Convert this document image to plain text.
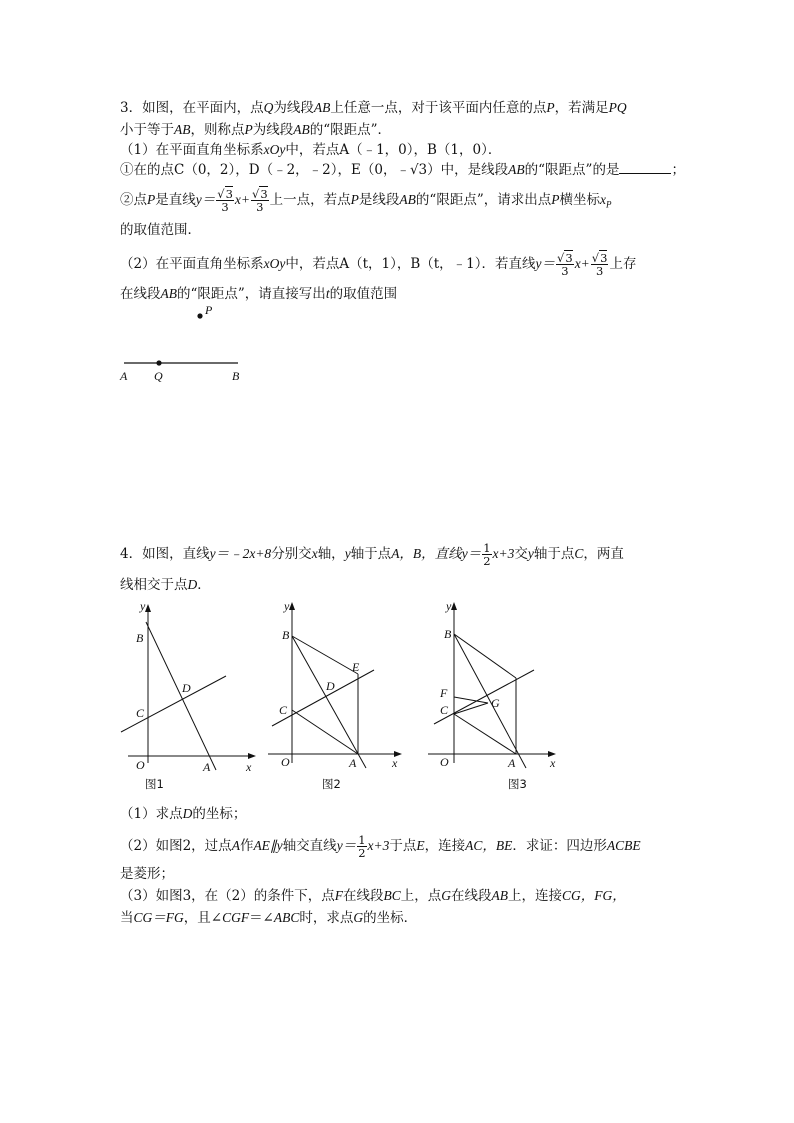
3．如图，在平面内，点Q为线段AB上任意一点，对于该平面内任意的点P，若满足PQ
小于等于AB，则称点P为线段AB的“限距点”．
（1）在平面直角坐标系xOy中，若点A（﹣1，0），B（1，0）．
①在的点C（0，2），D（﹣2，﹣2），E（0，﹣√3）中，是线段AB的“限距点”的是	；
②点P是直线$y= \frac{√3}{3} x+ \frac{√3}{3}$ 上一点，若点P是线段AB的“限距点”，请求出点P横坐标$x_P$
的取值范围．
（2）在平面直角坐标系xOy中，若点A（t，1），B（t，﹣1）．若直线$y= \frac{√3}{3} x+ \frac{√3}{3}$ 上存
在线段AB的“限距点”，请直接写出t的取值范围
P
A Q	B
4．如图，直线y＝﹣2x+8分别交x轴，y轴于点A，B，直线$y= \frac{1}{2} x+3$交y轴于点C，两直
线相交于点D．
y
B
D
C
O	A	x
图1
y
B
E
D
C
O	A	x
图2
y
B
F
C	G
O	A	x
图3
（1）求点D的坐标；
（2）如图2，过点A作AE∥y轴交直线$y= \frac{1}{2} x+3$于点E，连接AC，BE．求证：四边形ACBE
是菱形；
（3）如图3，在（2）的条件下，点F在线段BC上，点G在线段AB上，连接CG，FG，
当CG＝FG，且∠CGF＝∠ABC时，求点G的坐标．
